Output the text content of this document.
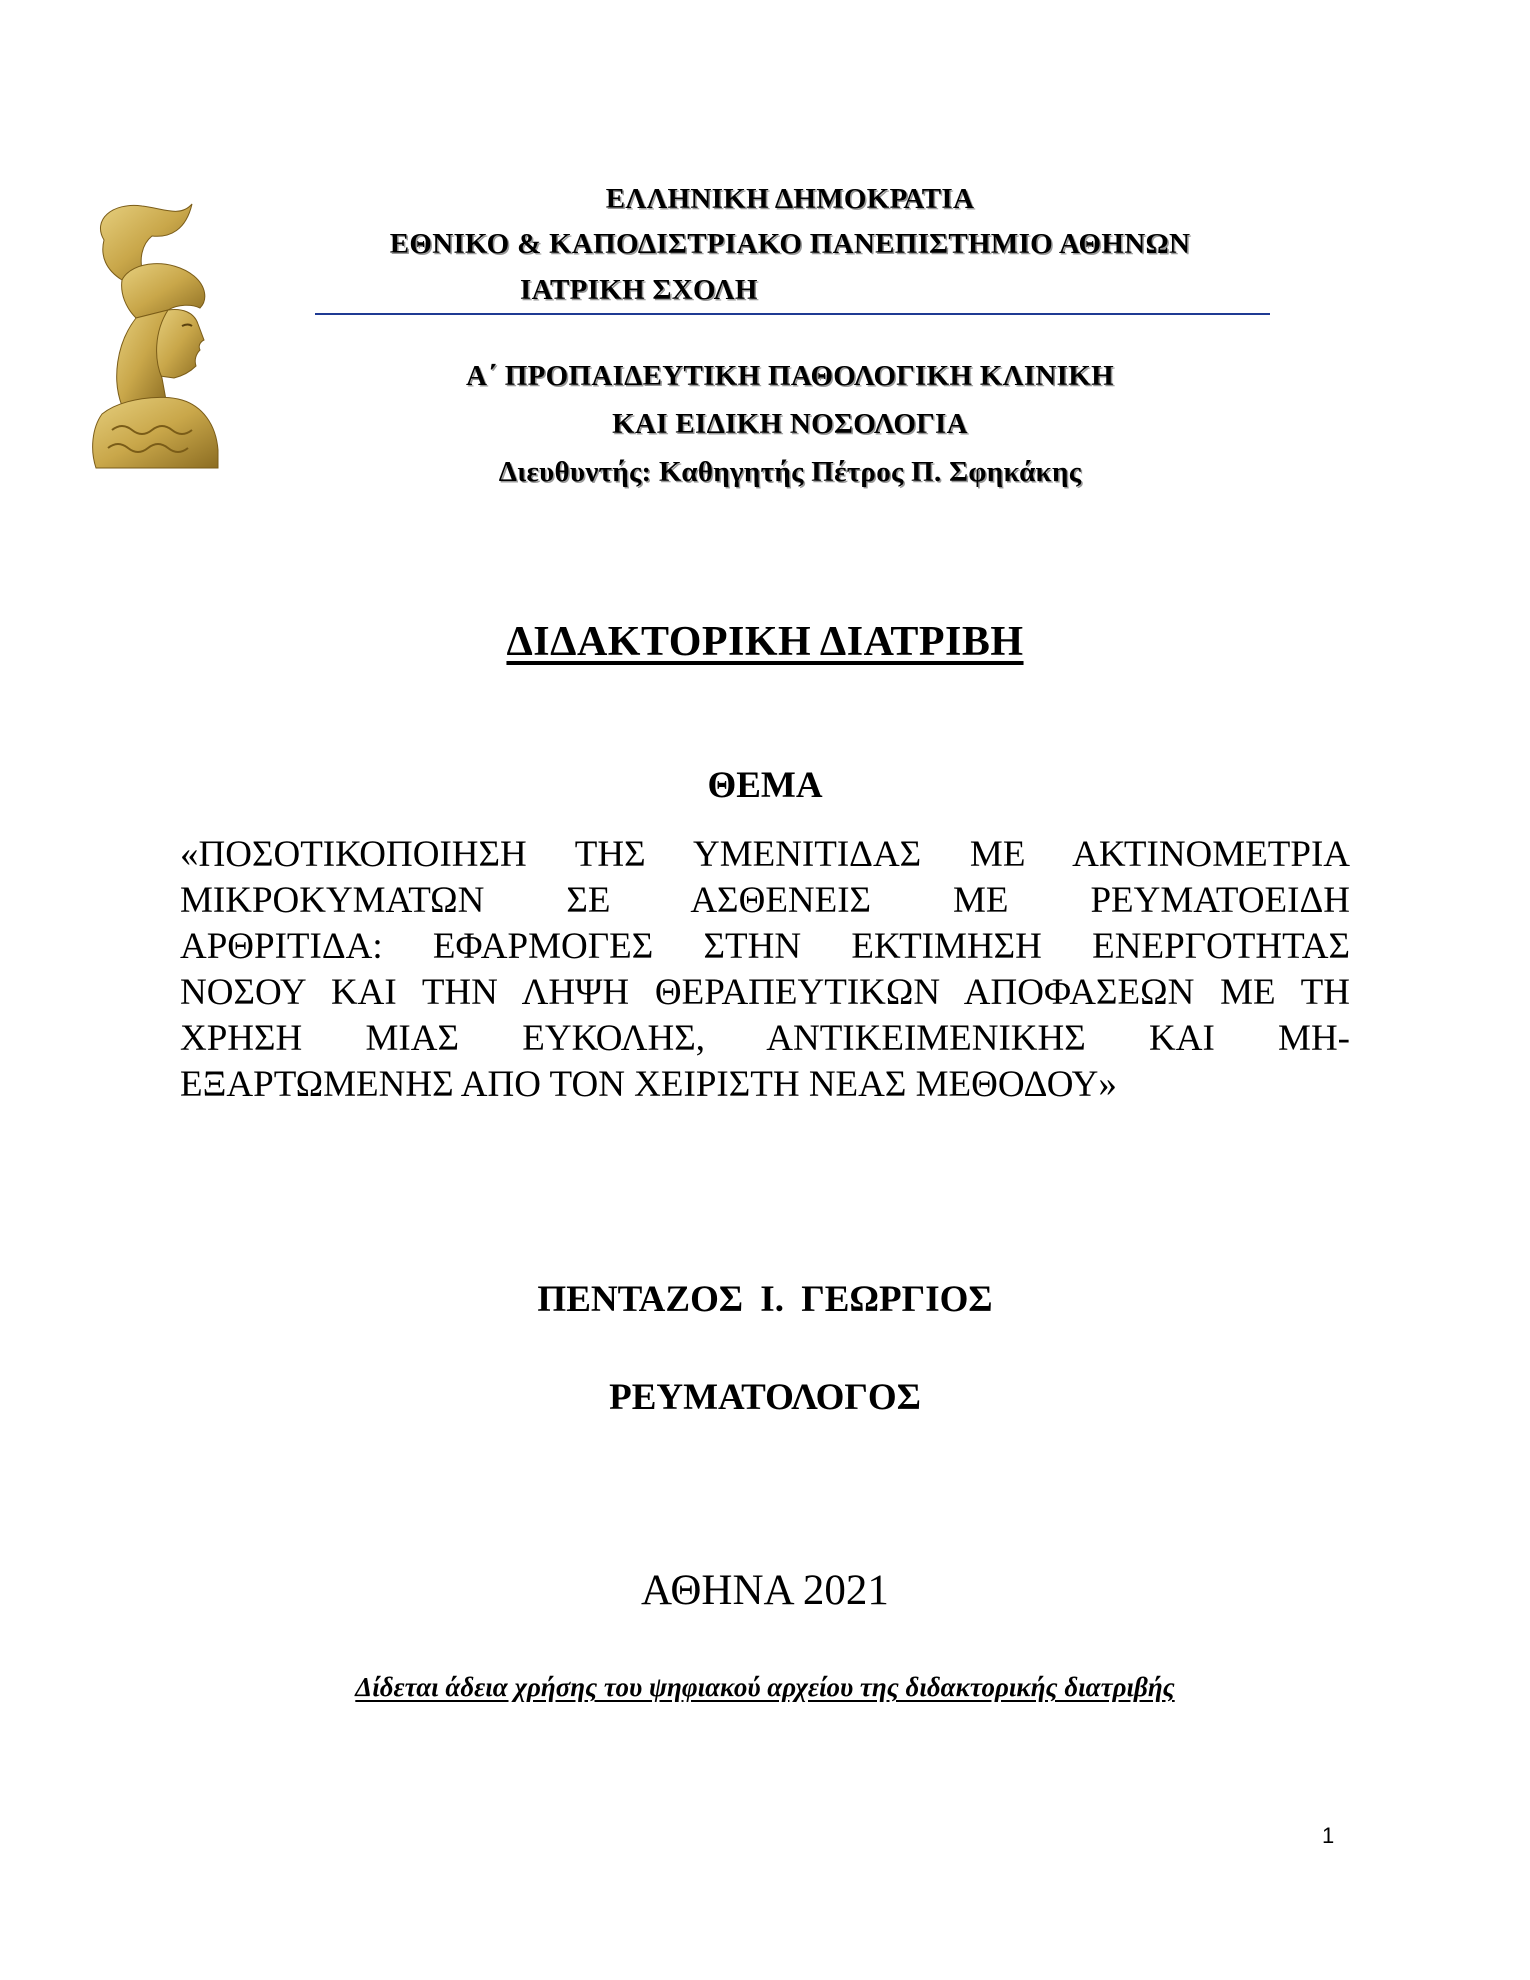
ΕΛΛΗΝΙΚΗ ΔΗΜΟΚΡΑΤΙΑ
ΕΘΝΙΚΟ & ΚΑΠΟΔΙΣΤΡΙΑΚΟ ΠΑΝΕΠΙΣΤΗΜΙΟ ΑΘΗΝΩΝ
ΙΑΤΡΙΚΗ ΣΧΟΛΗ
Α΄ ΠΡΟΠΑΙΔΕΥΤΙΚΗ ΠΑΘΟΛΟΓΙΚΗ ΚΛΙΝΙΚΗ
ΚΑΙ ΕΙΔΙΚΗ ΝΟΣΟΛΟΓΙΑ
Διευθυντής: Καθηγητής Πέτρος Π. Σφηκάκης
ΔΙΔΑΚΤΟΡΙΚΗ ΔΙΑΤΡΙΒΗ
ΘΕΜΑ
«ΠΟΣΟΤΙΚΟΠΟΙΗΣΗ ΤΗΣ ΥΜΕΝΙΤΙΔΑΣ ΜΕ ΑΚΤΙΝΟΜΕΤΡΙΑ
ΜΙΚΡΟΚΥΜΑΤΩΝ ΣΕ ΑΣΘΕΝΕΙΣ ΜΕ ΡΕΥΜΑΤΟΕΙΔΗ
ΑΡΘΡΙΤΙΔΑ: ΕΦΑΡΜΟΓΕΣ ΣΤΗΝ ΕΚΤΙΜΗΣΗ ΕΝΕΡΓΟΤΗΤΑΣ
ΝΟΣΟΥ ΚΑΙ ΤΗΝ ΛΗΨΗ ΘΕΡΑΠΕΥΤΙΚΩΝ ΑΠΟΦΑΣΕΩΝ ΜΕ ΤΗ
ΧΡΗΣΗ ΜΙΑΣ ΕΥΚΟΛΗΣ, ΑΝΤΙΚΕΙΜΕΝΙΚΗΣ ΚΑΙ ΜΗ-
ΕΞΑΡΤΩΜΕΝΗΣ ΑΠΟ ΤΟΝ ΧΕΙΡΙΣΤΗ ΝΕΑΣ ΜΕΘΟΔΟΥ»
ΠΕΝΤΑΖΟΣ Ι. ΓΕΩΡΓΙΟΣ
ΡΕΥΜΑΤΟΛΟΓΟΣ
ΑΘΗΝΑ 2021
Δίδεται άδεια χρήσης του ψηφιακού αρχείου της διδακτορικής διατριβής
1
